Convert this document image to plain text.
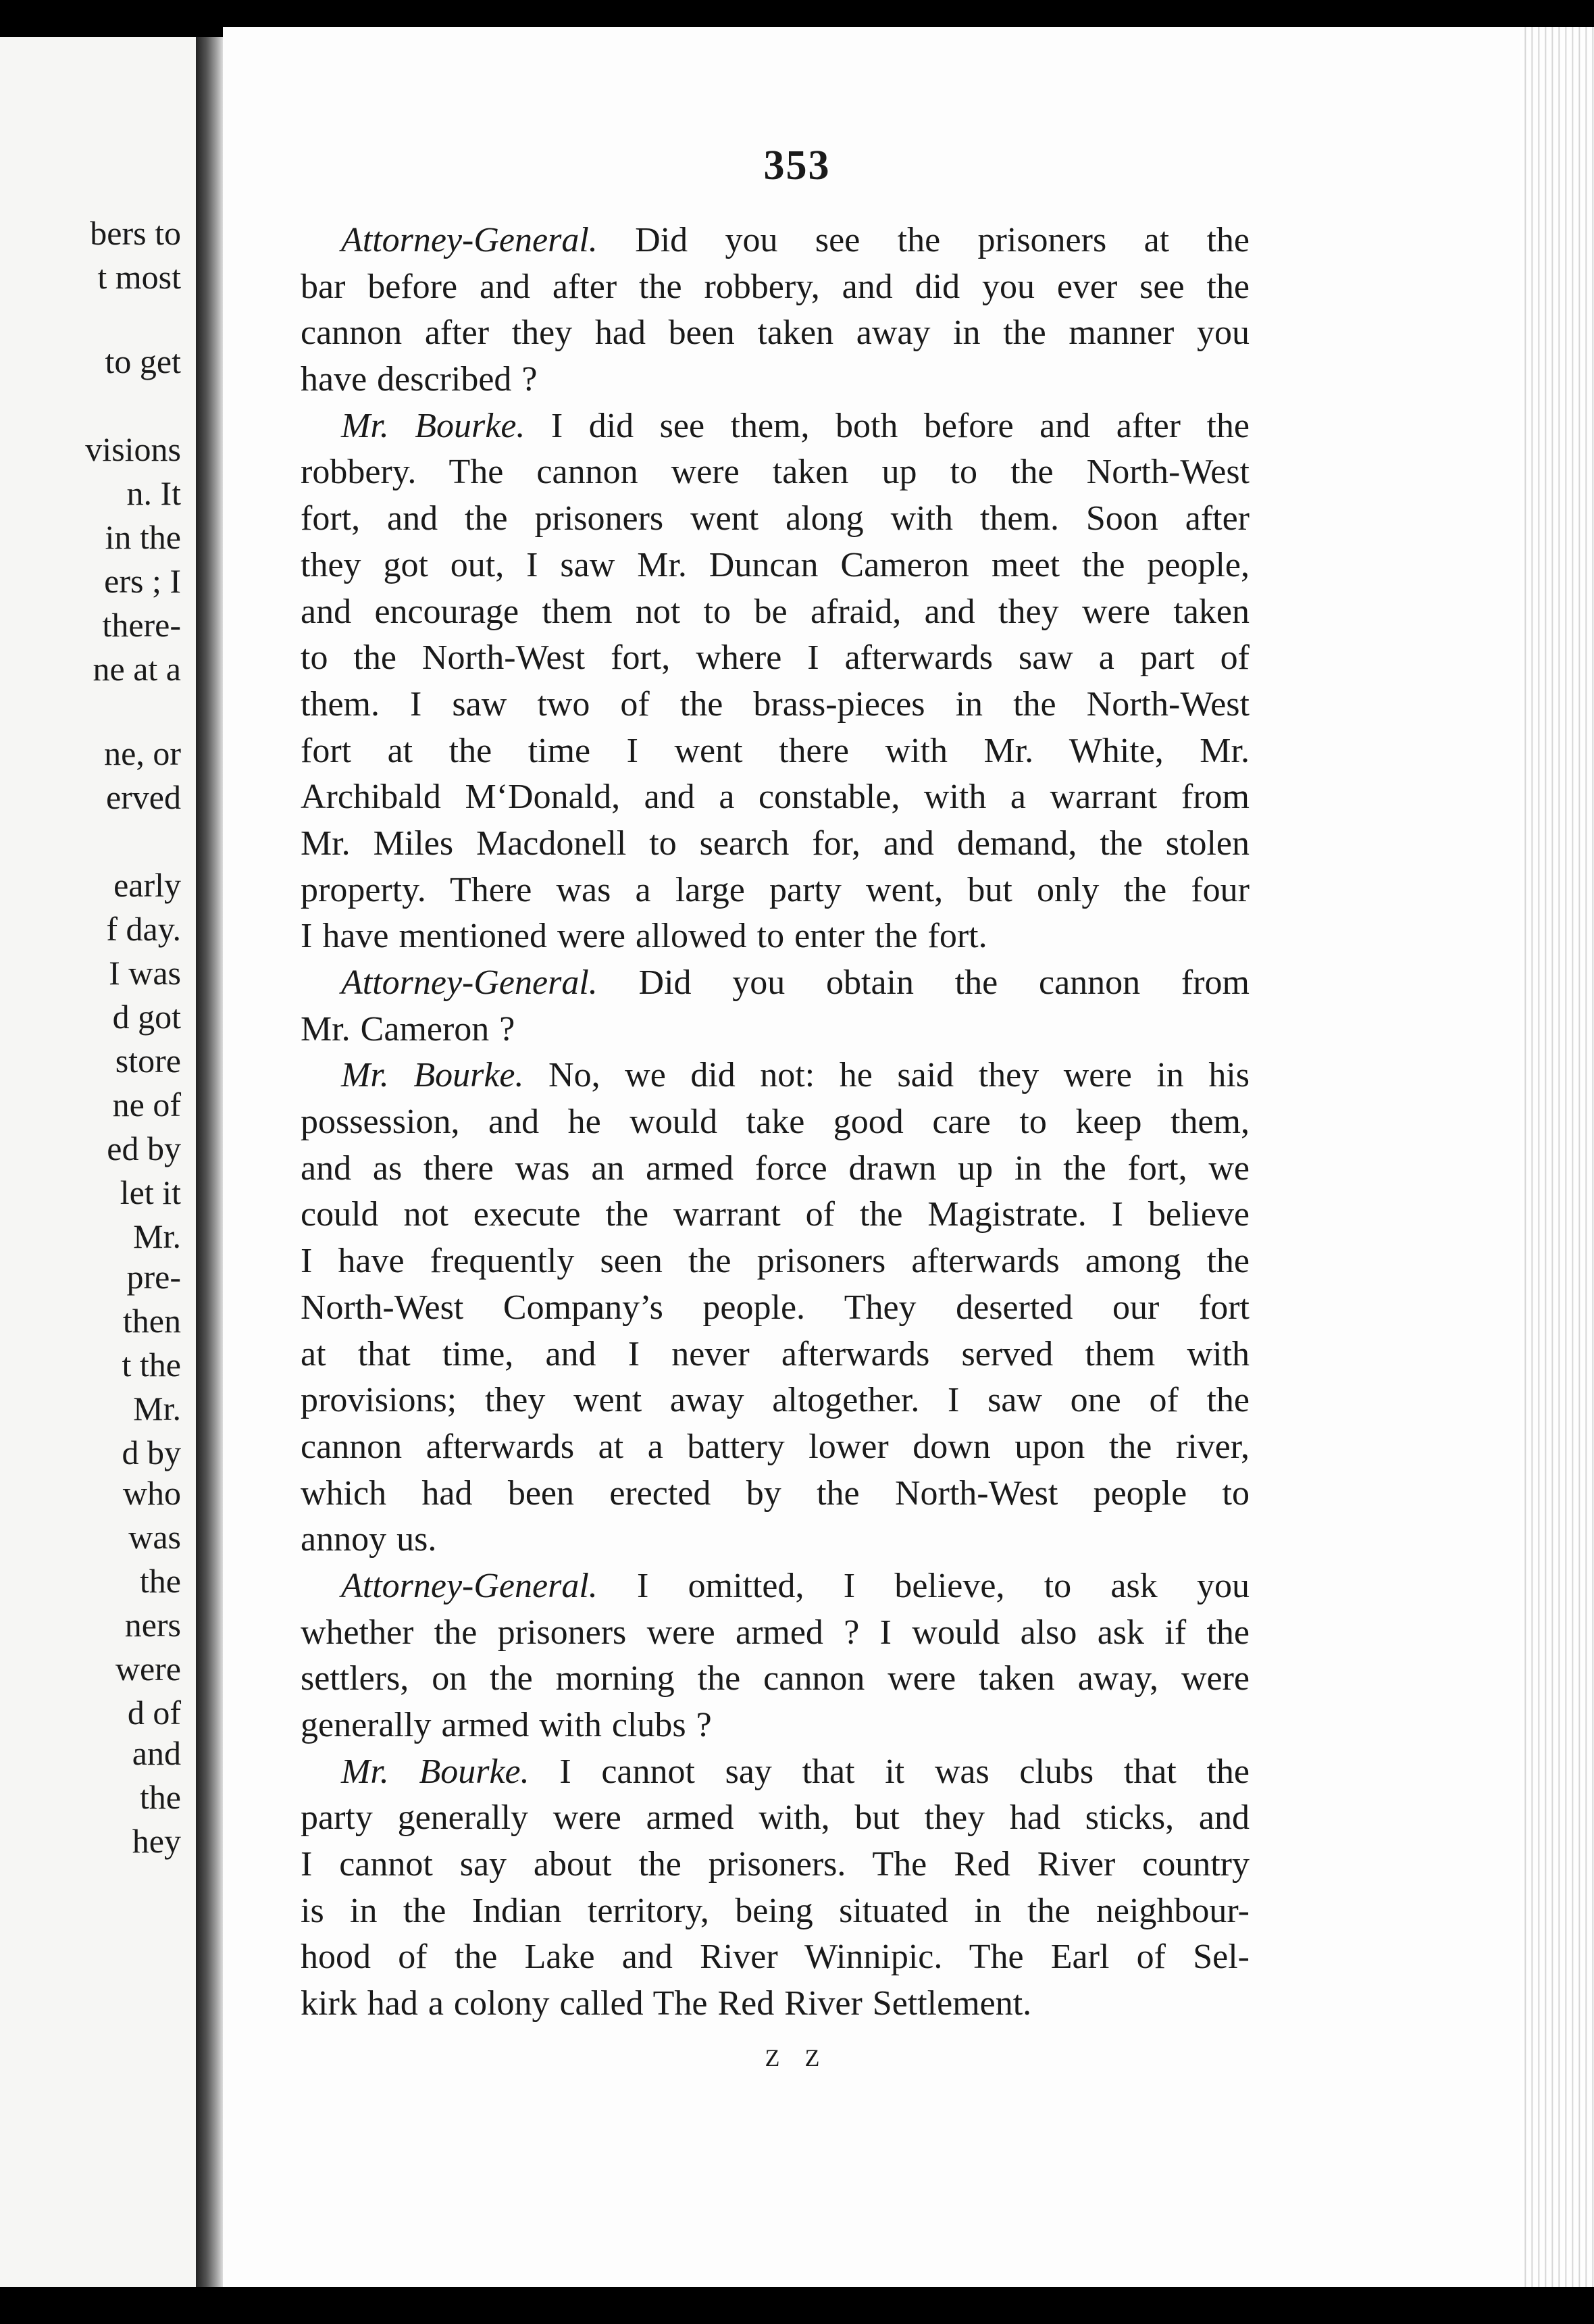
bers to
t most
to get
visions
n. It
in the
ers ; I
there-
ne at a
ne, or
erved
early
f day.
I was
d got
store
ne of
ed by
let it
Mr.
pre-
then
t the
Mr.
d by
who
was
the
ners
were
d of
and
the
hey
353
Attorney-General. Did you see the prisoners at the
bar before and after the robbery, and did you ever see the
cannon after they had been taken away in the manner you
have described ?
Mr. Bourke. I did see them, both before and after the
robbery. The cannon were taken up to the North-West
fort, and the prisoners went along with them. Soon after
they got out, I saw Mr. Duncan Cameron meet the people,
and encourage them not to be afraid, and they were taken
to the North-West fort, where I afterwards saw a part of
them. I saw two of the brass-pieces in the North-West
fort at the time I went there with Mr. White, Mr.
Archibald M‘Donald, and a constable, with a warrant from
Mr. Miles Macdonell to search for, and demand, the stolen
property. There was a large party went, but only the four
I have mentioned were allowed to enter the fort.
Attorney-General. Did you obtain the cannon from
Mr. Cameron ?
Mr. Bourke. No, we did not: he said they were in his
possession, and he would take good care to keep them,
and as there was an armed force drawn up in the fort, we
could not execute the warrant of the Magistrate. I believe
I have frequently seen the prisoners afterwards among the
North-West Company’s people. They deserted our fort
at that time, and I never afterwards served them with
provisions; they went away altogether. I saw one of the
cannon afterwards at a battery lower down upon the river,
which had been erected by the North-West people to
annoy us.
Attorney-General. I omitted, I believe, to ask you
whether the prisoners were armed ? I would also ask if the
settlers, on the morning the cannon were taken away, were
generally armed with clubs ?
Mr. Bourke. I cannot say that it was clubs that the
party generally were armed with, but they had sticks, and
I cannot say about the prisoners. The Red River country
is in the Indian territory, being situated in the neighbour-
hood of the Lake and River Winnipic. The Earl of Sel-
kirk had a colony called The Red River Settlement.
Z Z
